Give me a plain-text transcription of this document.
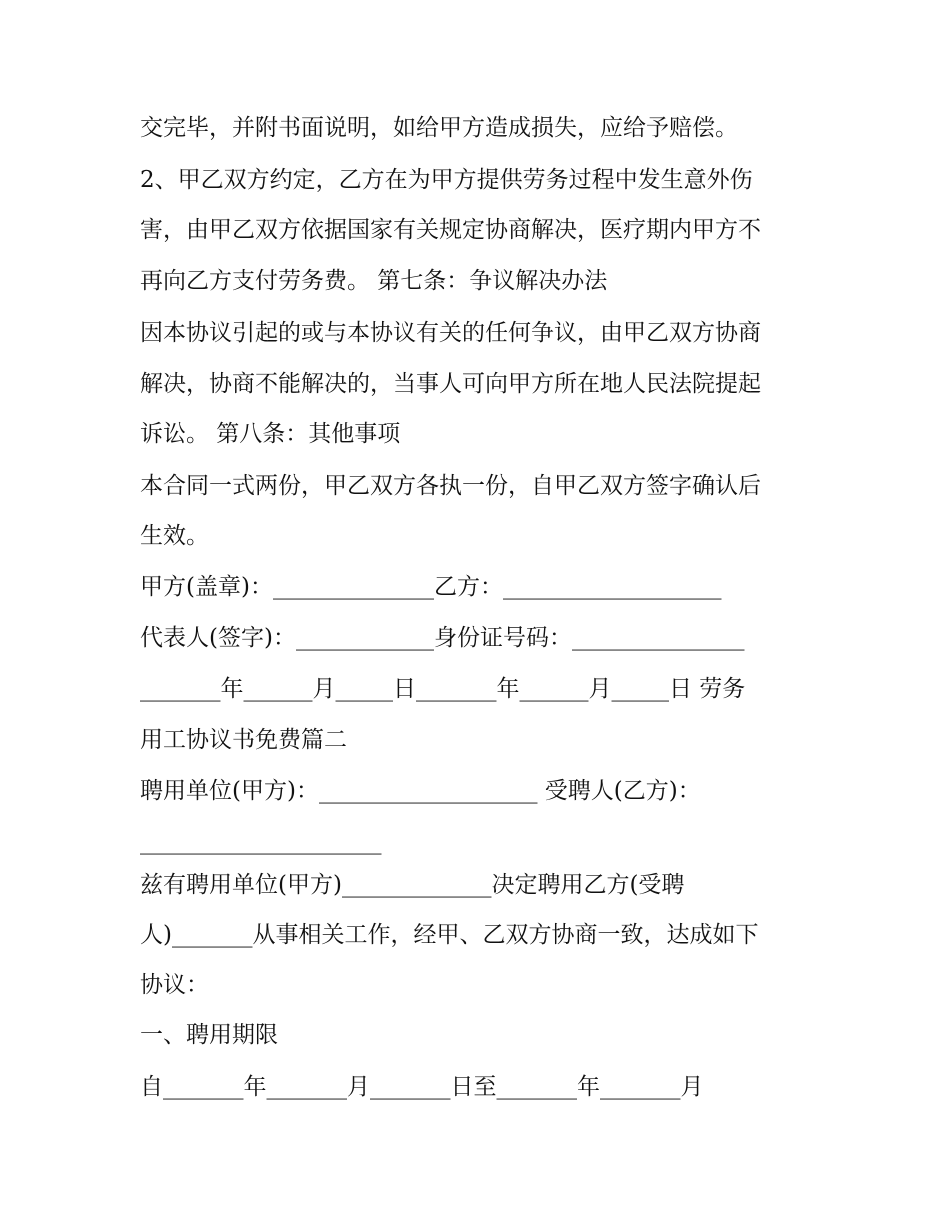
交完毕，并附书面说明，如给甲方造成损失，应给予赔偿。
2、甲乙双方约定，乙方在为甲方提供劳务过程中发生意外伤
害，由甲乙双方依据国家有关规定协商解决，医疗期内甲方不
再向乙方支付劳务费。 第七条：争议解决办法
因本协议引起的或与本协议有关的任何争议，由甲乙双方协商
解决，协商不能解决的，当事人可向甲方所在地人民法院提起
诉讼。 第八条：其他事项
本合同一式两份，甲乙双方各执一份，自甲乙双方签字确认后
生效。
甲方(盖章)：______________乙方：___________________
代表人(签字)：____________身份证号码：_______________
_______年______月_____日_______年______月_____日 劳务
用工协议书免费篇二
聘用单位(甲方)：___________________ 受聘人(乙方)：
_____________________
兹有聘用单位(甲方)_____________决定聘用乙方(受聘
人)_______从事相关工作，经甲、乙双方协商一致，达成如下
协议：
一、聘用期限
自_______年_______月_______日至_______年_______月
